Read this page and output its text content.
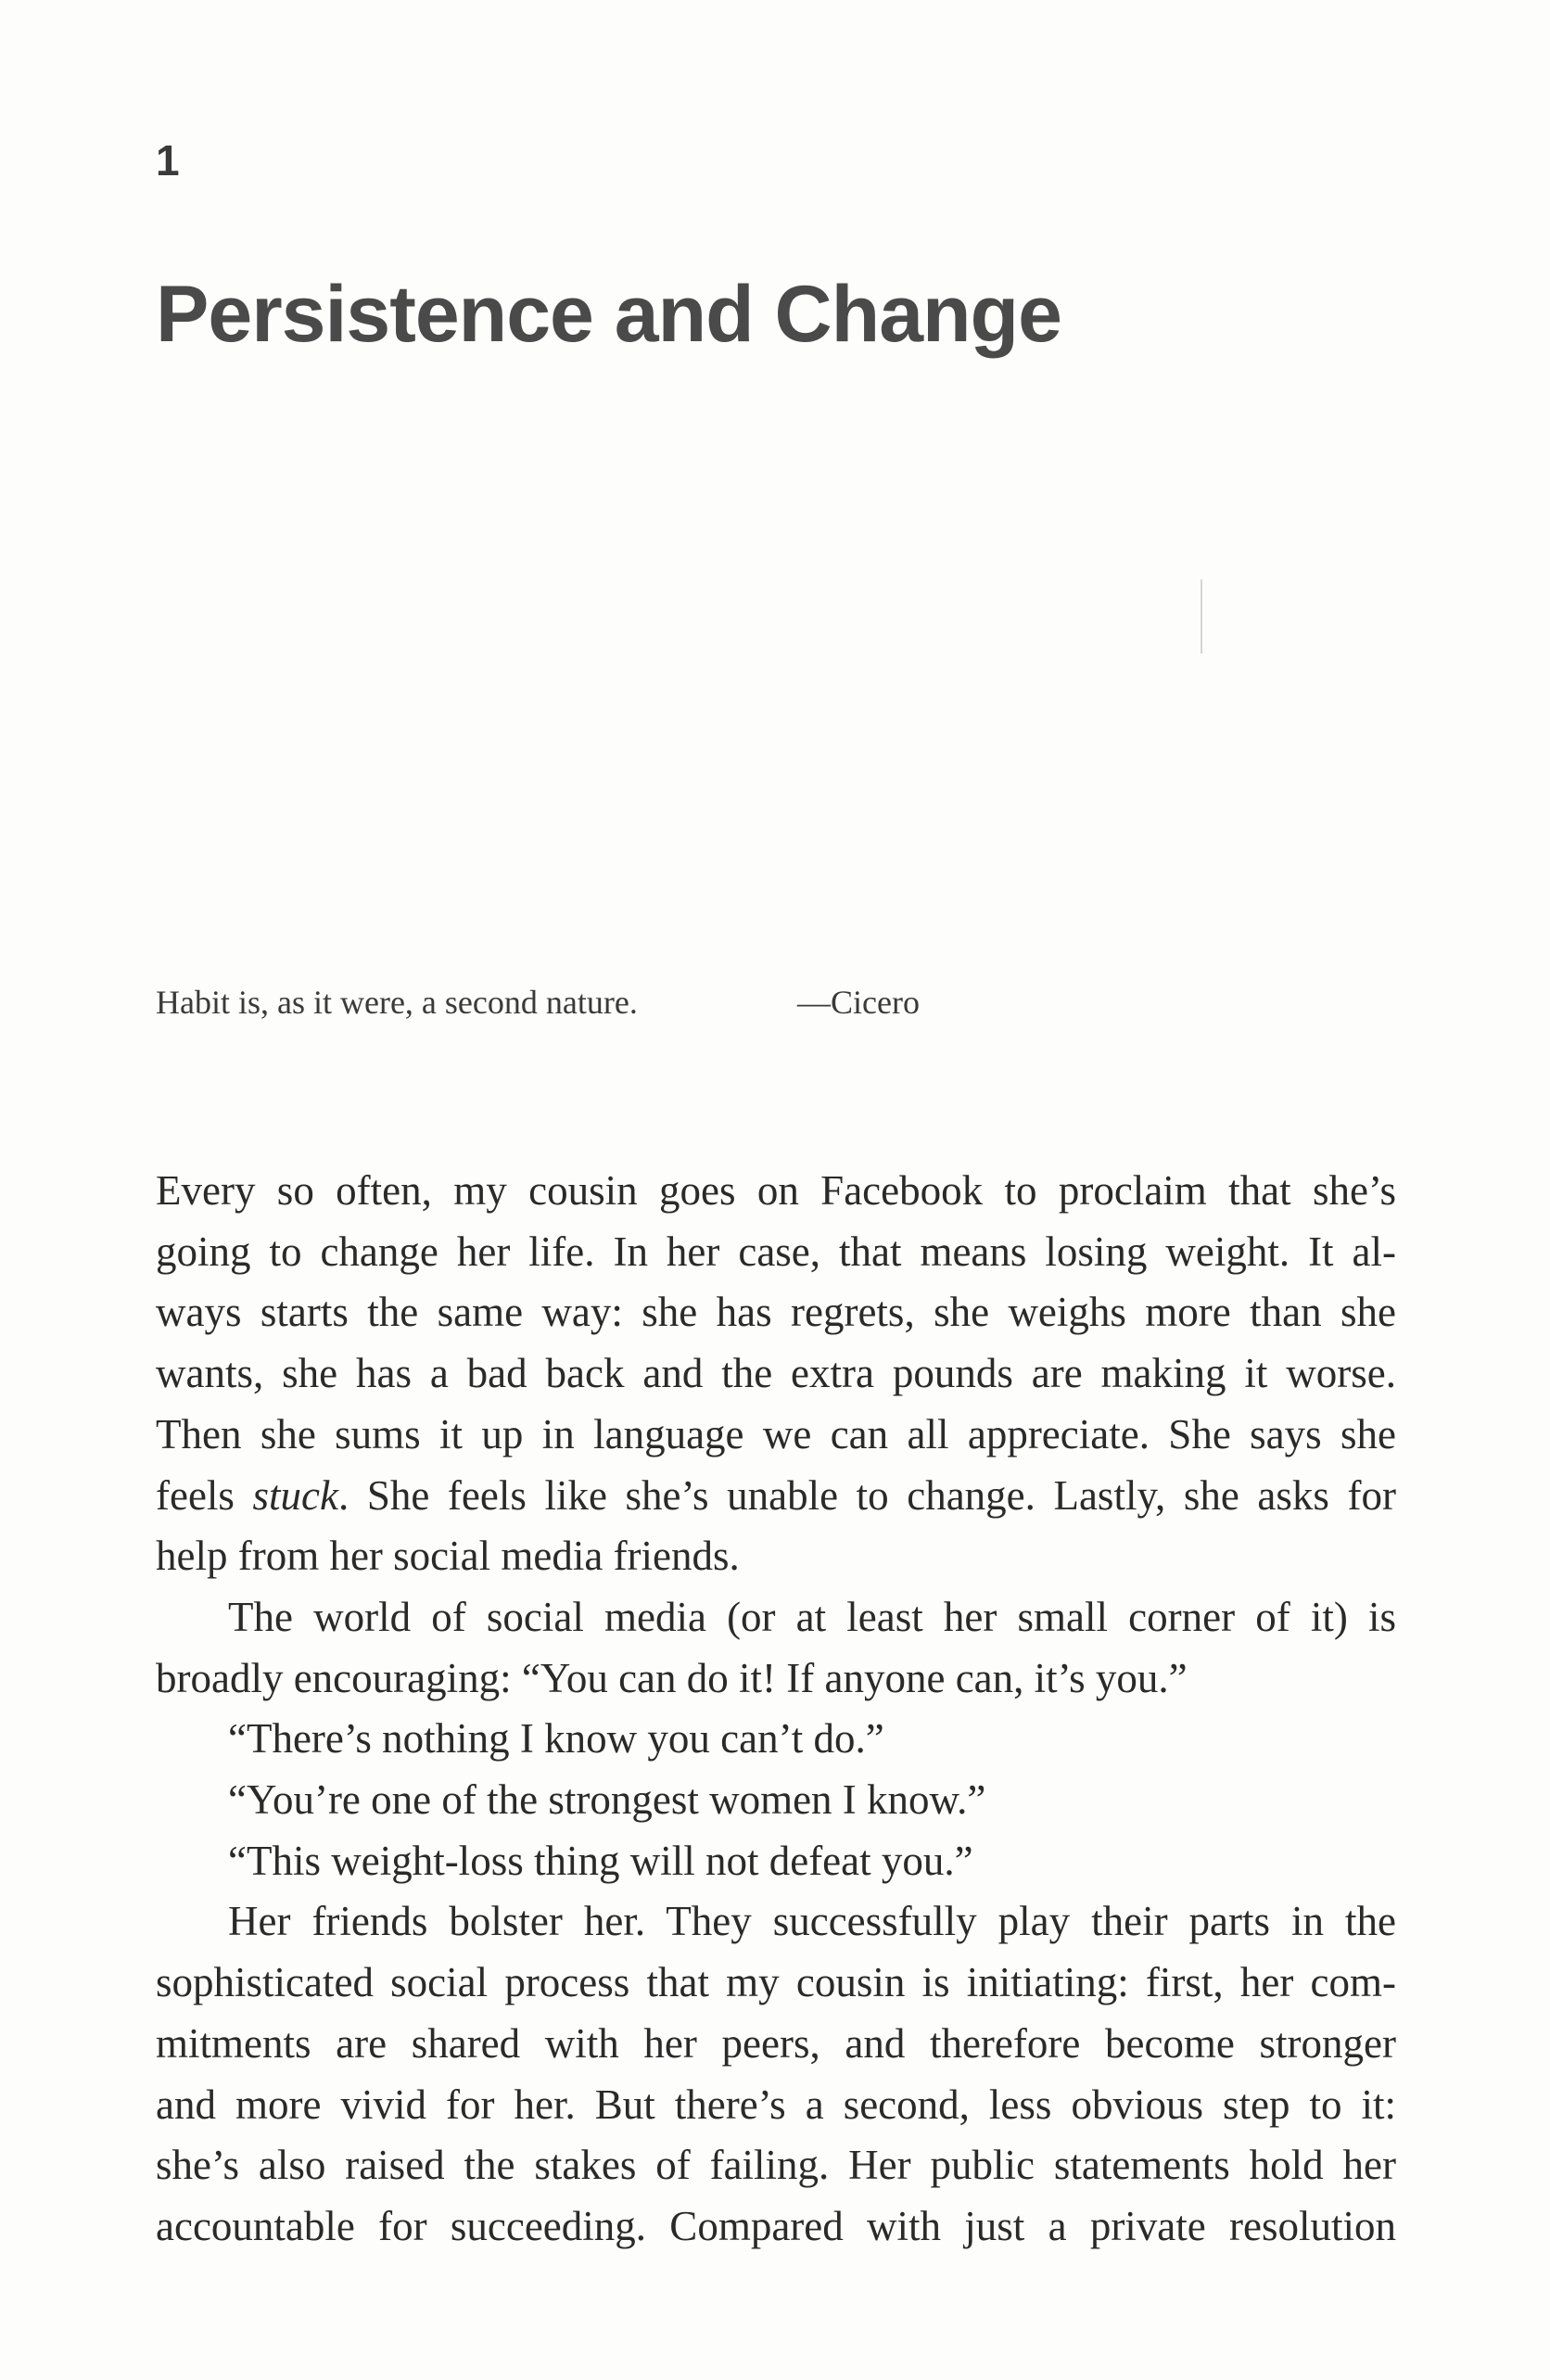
1
Persistence and Change
Habit is, as it were, a second nature.	—Cicero
Every so often, my cousin goes on Facebook to proclaim that she’s
going to change her life. In her case, that means losing weight. It al-
ways starts the same way: she has regrets, she weighs more than she
wants, she has a bad back and the extra pounds are making it worse.
Then she sums it up in language we can all appreciate. She says she
feels stuck. She feels like she’s unable to change. Lastly, she asks for
help from her social media friends.
The world of social media (or at least her small corner of it) is
broadly encouraging: “You can do it! If anyone can, it’s you.”
“There’s nothing I know you can’t do.”
“You’re one of the strongest women I know.”
“This weight-loss thing will not defeat you.”
Her friends bolster her. They successfully play their parts in the
sophisticated social process that my cousin is initiating: first, her com-
mitments are shared with her peers, and therefore become stronger
and more vivid for her. But there’s a second, less obvious step to it:
she’s also raised the stakes of failing. Her public statements hold her
accountable for succeeding. Compared with just a private resolution
